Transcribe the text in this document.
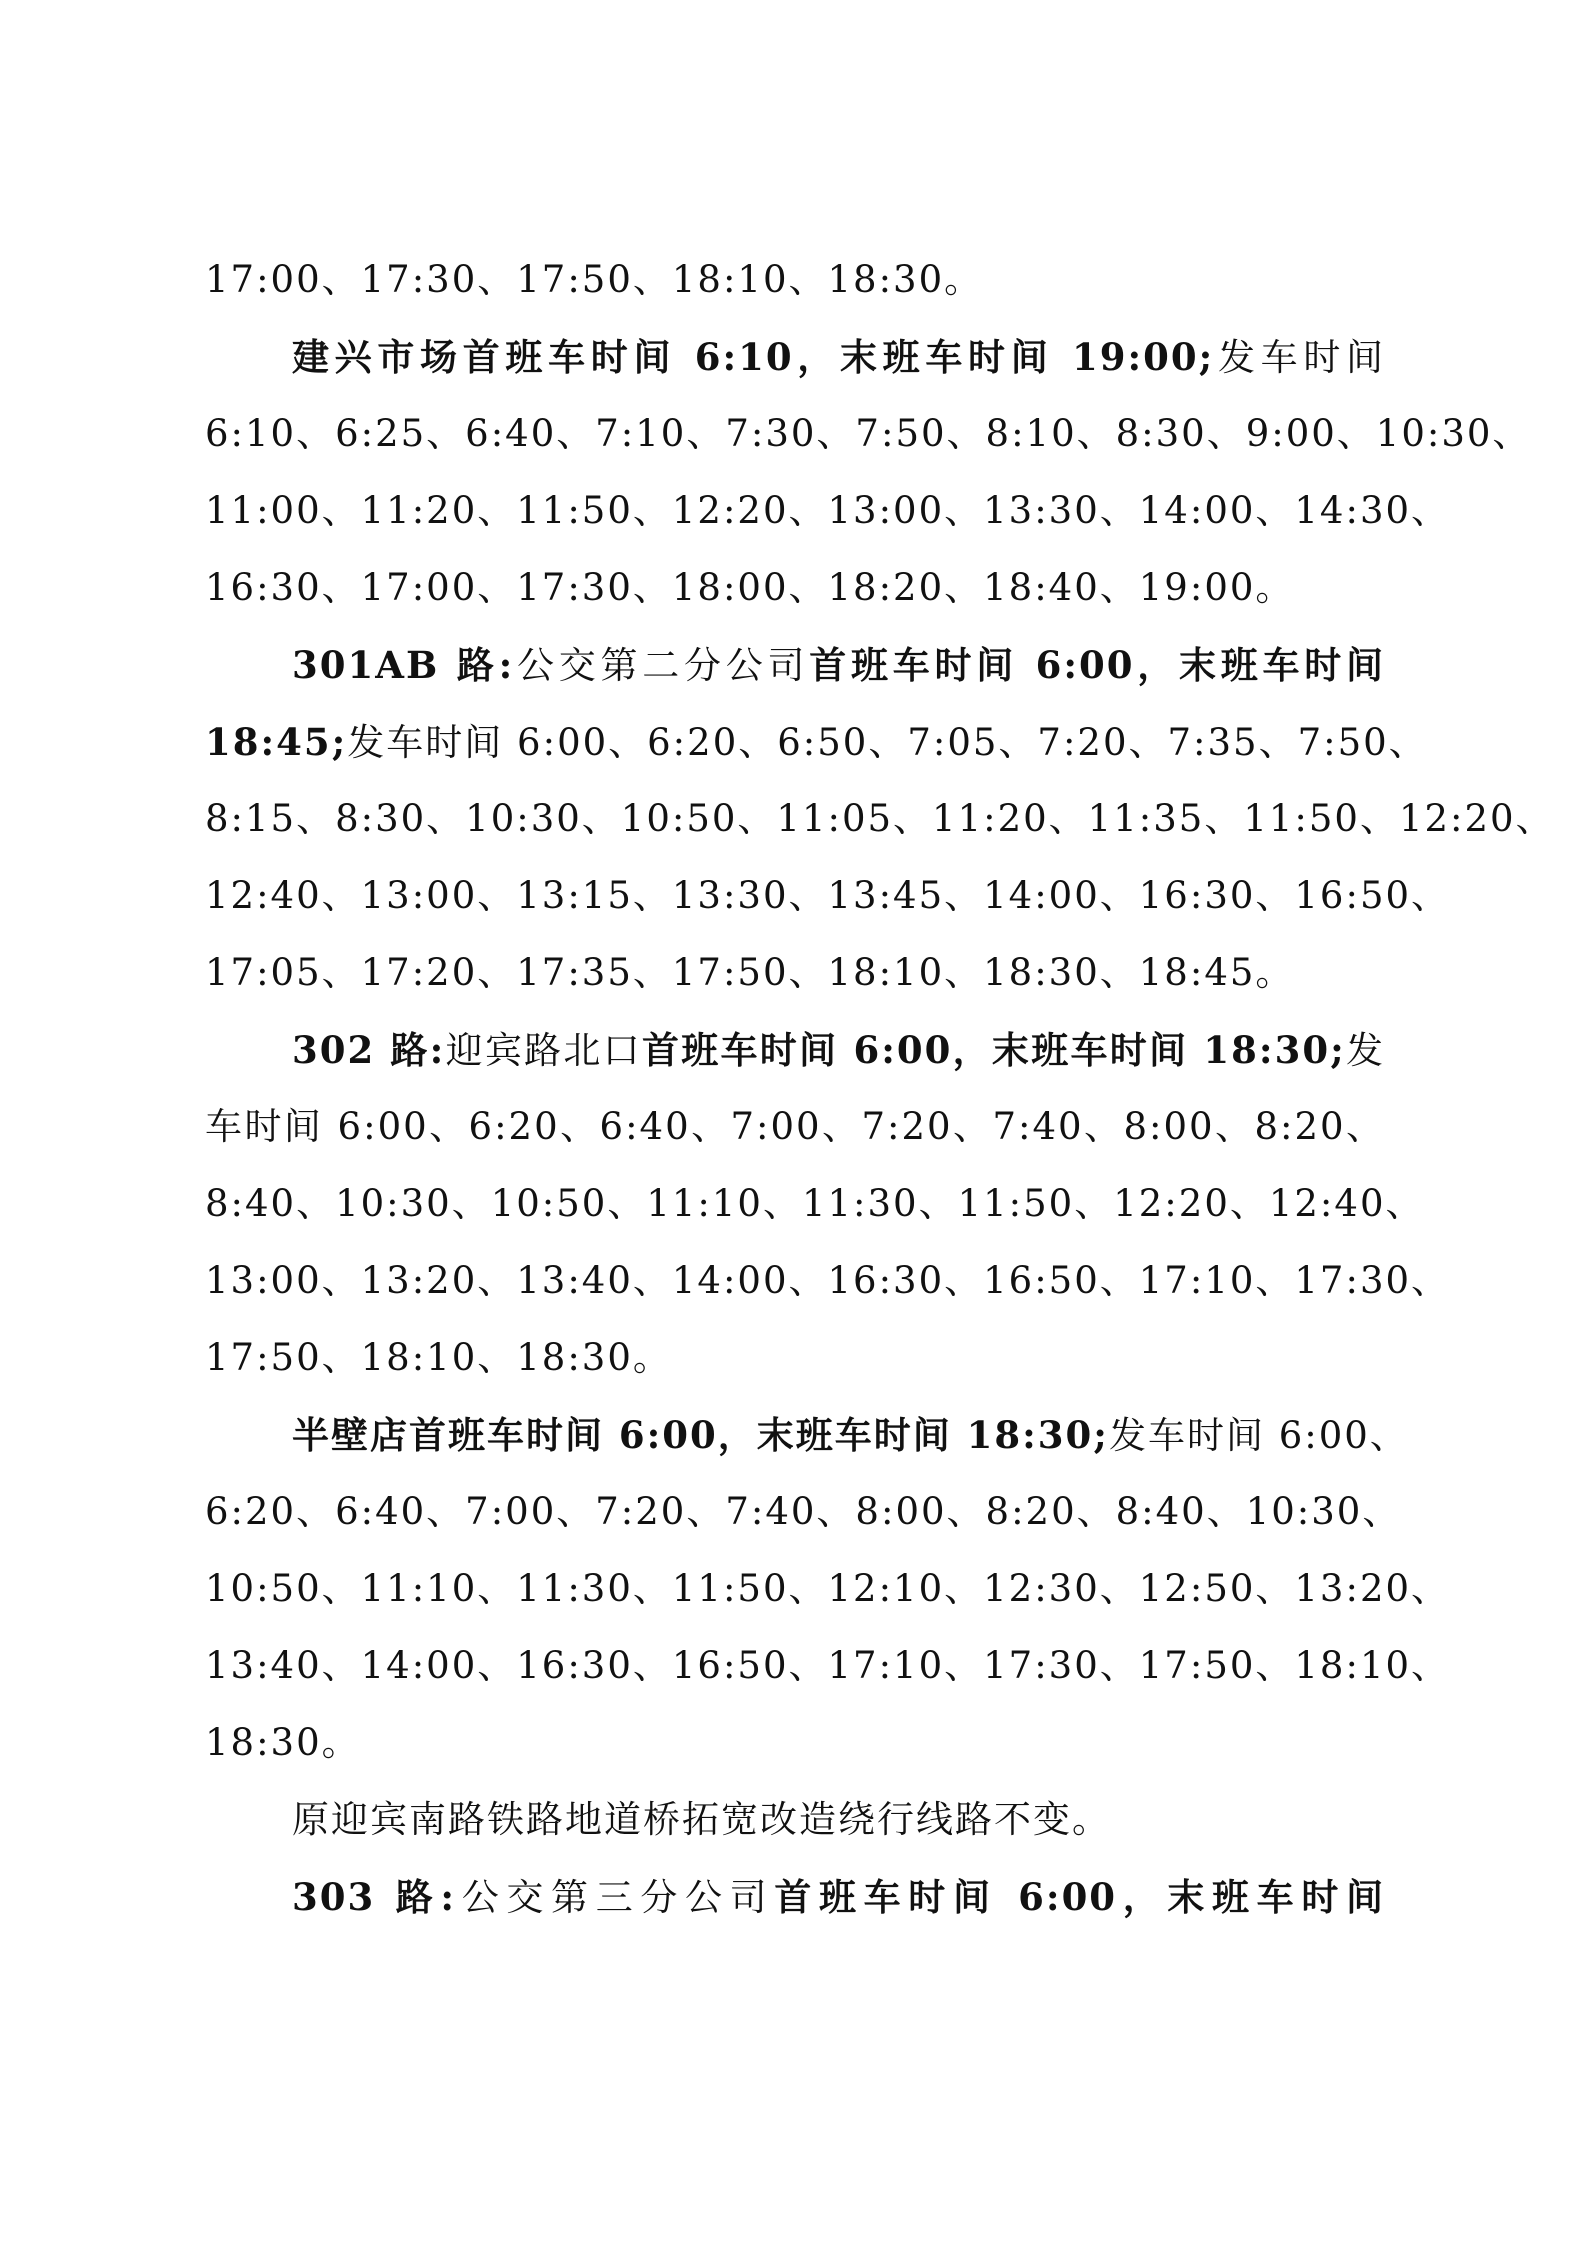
17:00、17:30、17:50、18:10、18:30。
建兴市场首班车时间 6:10，末班车时间 19:00;发车时间
6:10、6:25、6:40、7:10、7:30、7:50、8:10、8:30、9:00、10:30、
11:00、11:20、11:50、12:20、13:00、13:30、14:00、14:30、
16:30、17:00、17:30、18:00、18:20、18:40、19:00。
301AB 路:公交第二分公司首班车时间 6:00，末班车时间
18:45;发车时间 6:00、6:20、6:50、7:05、7:20、7:35、7:50、
8:15、8:30、10:30、10:50、11:05、11:20、11:35、11:50、12:20、
12:40、13:00、13:15、13:30、13:45、14:00、16:30、16:50、
17:05、17:20、17:35、17:50、18:10、18:30、18:45。
302 路:迎宾路北口首班车时间 6:00，末班车时间 18:30;发
车时间 6:00、6:20、6:40、7:00、7:20、7:40、8:00、8:20、
8:40、10:30、10:50、11:10、11:30、11:50、12:20、12:40、
13:00、13:20、13:40、14:00、16:30、16:50、17:10、17:30、
17:50、18:10、18:30。
半壁店首班车时间 6:00，末班车时间 18:30;发车时间 6:00、
6:20、6:40、7:00、7:20、7:40、8:00、8:20、8:40、10:30、
10:50、11:10、11:30、11:50、12:10、12:30、12:50、13:20、
13:40、14:00、16:30、16:50、17:10、17:30、17:50、18:10、
18:30。
原迎宾南路铁路地道桥拓宽改造绕行线路不变。
303 路:公交第三分公司首班车时间 6:00，末班车时间
